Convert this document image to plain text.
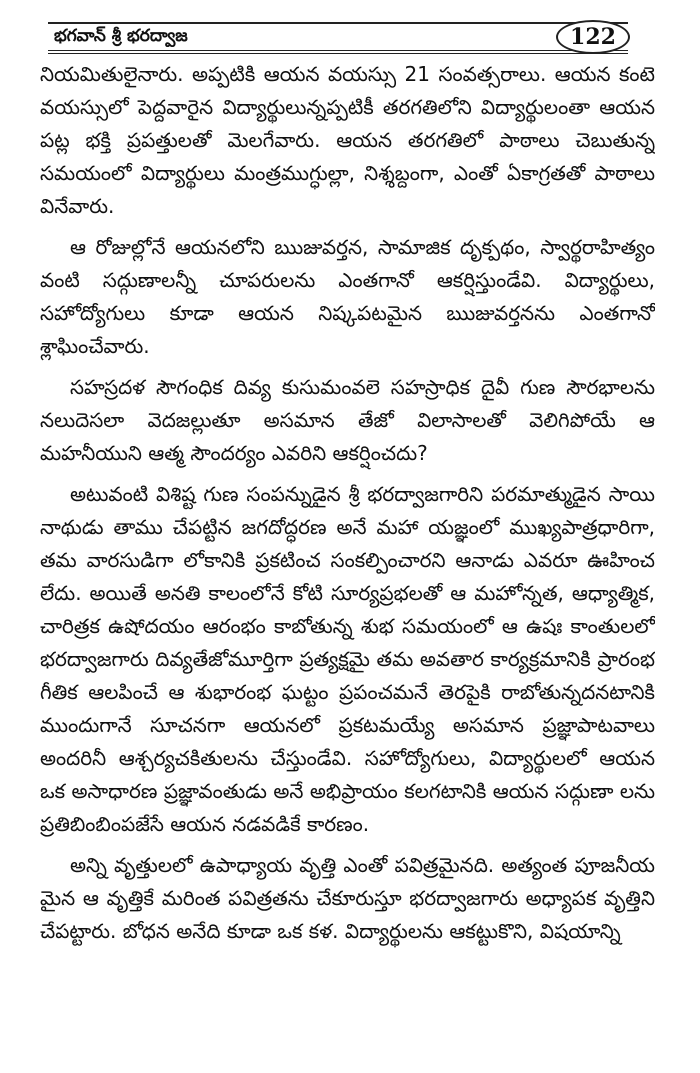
భగవాన్ శ్రీ భరద్వాజ	122

నియమితులైనారు. అప్పటికి ఆయన వయస్సు 21 సంవత్సరాలు. ఆయన కంటె వయస్సులో పెద్దవారైన విద్యార్థులున్నప్పటికీ తరగతిలోని విద్యార్థులంతా ఆయన పట్ల భక్తి ప్రపత్తులతో మెలగేవారు. ఆయన తరగతిలో పాఠాలు చెబుతున్న సమయంలో విద్యార్థులు మంత్రముగ్ధుల్లా, నిశ్శబ్దంగా, ఎంతో ఏకాగ్రతతో పాఠాలు వినేవారు.

ఆ రోజుల్లోనే ఆయనలోని ఋజువర్తన, సామాజిక దృక్పథం, స్వార్థరాహిత్యం వంటి సద్గుణాలన్నీ చూపరులను ఎంతగానో ఆకర్షిస్తుండేవి. విద్యార్థులు, సహోద్యోగులు కూడా ఆయన నిష్కపటమైన ఋజువర్తనను ఎంతగానో శ్లాఘించేవారు.

సహస్రదళ సౌగంధిక దివ్య కుసుమంవలె సహస్రాధిక దైవీ గుణ సౌరభాలను నలుదెసలా వెదజల్లుతూ అసమాన తేజో విలాసాలతో వెలిగిపోయే ఆ మహనీయుని ఆత్మ సౌందర్యం ఎవరిని ఆకర్షించదు?

అటువంటి విశిష్ట గుణ సంపన్నుడైన శ్రీ భరద్వాజగారిని పరమాత్ముడైన సాయి నాథుడు తాము చేపట్టిన జగదోద్ధరణ అనే మహా యజ్ఞంలో ముఖ్యపాత్రధారిగా, తమ వారసుడిగా లోకానికి ప్రకటించ సంకల్పించారని ఆనాడు ఎవరూ ఊహించ లేదు. అయితే అనతి కాలంలోనే కోటి సూర్యప్రభలతో ఆ మహోన్నత, ఆధ్యాత్మిక, చారిత్రక ఉషోదయం ఆరంభం కాబోతున్న శుభ సమయంలో ఆ ఉషః కాంతులలో భరద్వాజగారు దివ్యతేజోమూర్తిగా ప్రత్యక్షమై తమ అవతార కార్యక్రమానికి ప్రారంభ గీతిక ఆలపించే ఆ శుభారంభ ఘట్టం ప్రపంచమనే తెరపైకి రాబోతున్నదనటానికి ముందుగానే సూచనగా ఆయనలో ప్రకటమయ్యే అసమాన ప్రజ్ఞాపాటవాలు అందరినీ ఆశ్చర్యచకితులను చేస్తుండేవి. సహోద్యోగులు, విద్యార్థులలో ఆయన ఒక అసాధారణ ప్రజ్ఞావంతుడు అనే అభిప్రాయం కలగటానికి ఆయన సద్గుణా లను ప్రతిబింబింపజేసే ఆయన నడవడికే కారణం.

అన్ని వృత్తులలో ఉపాధ్యాయ వృత్తి ఎంతో పవిత్రమైనది. అత్యంత పూజనీయ మైన ఆ వృత్తికే మరింత పవిత్రతను చేకూరుస్తూ భరద్వాజగారు అధ్యాపక వృత్తిని చేపట్టారు. బోధన అనేది కూడా ఒక కళ. విద్యార్థులను ఆకట్టుకొని, విషయాన్ని
